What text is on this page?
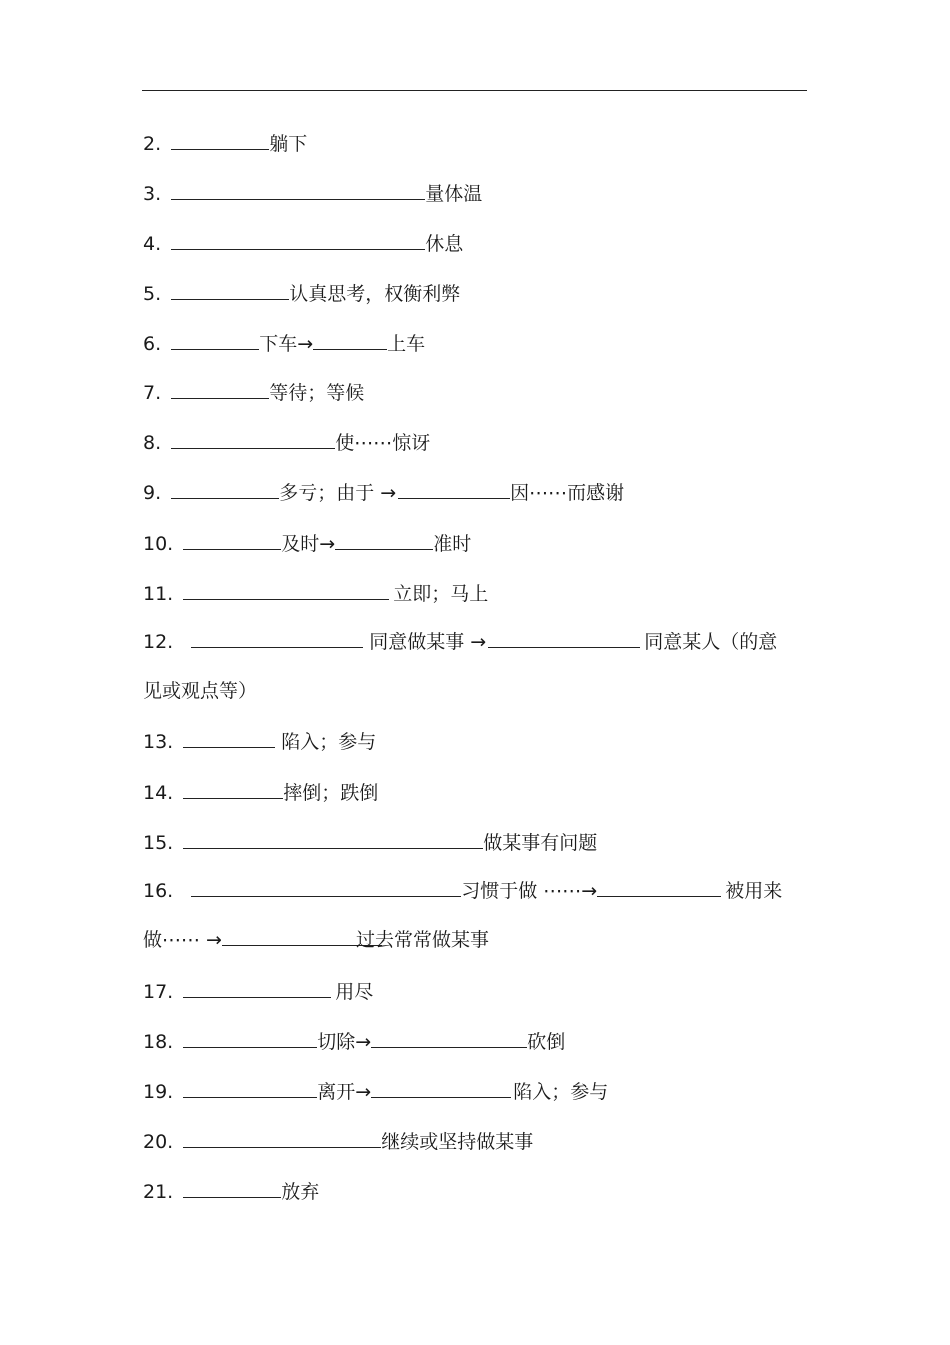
2.	躺下
3.	量体温
4.	休息
5.	认真思考，权衡利弊
6.	下车→	上车
7.	等待；等候
8.	使⋯⋯惊讶
9.	多亏；由于 →	因⋯⋯而感谢
10.	及时→	准时
11.	立即；马上
12.	同意做某事 →	同意某人（的意
见或观点等）
13.	陷入；参与
14.	摔倒；跌倒
15.	做某事有问题
16.	习惯于做 ⋯⋯→	被用来
做⋯⋯ →	过去常常做某事
17.	用尽
18.	切除→	砍倒
19.	离开→	陷入；参与
20.	继续或坚持做某事
21.	放弃
